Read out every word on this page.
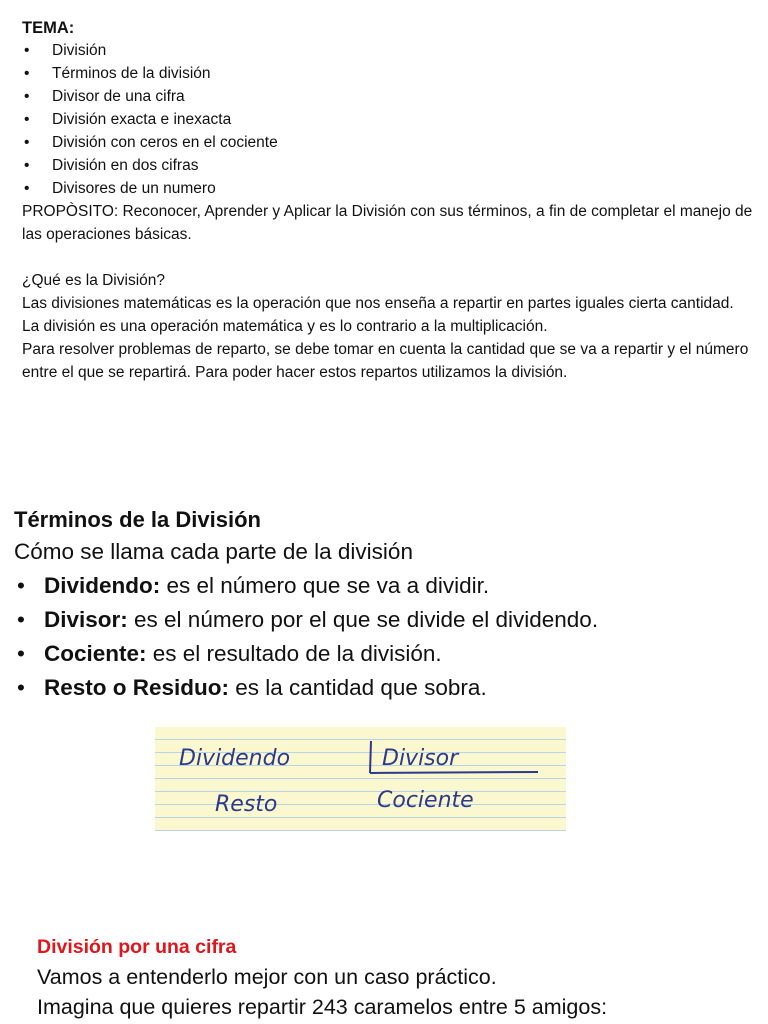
TEMA:
• División
• Términos de la división
• Divisor de una cifra
• División exacta e inexacta
• División con ceros en el cociente
• División en dos cifras
• Divisores de un numero
PROPÒSITO: Reconocer, Aprender y Aplicar la División con sus términos, a fin de completar el manejo de las operaciones básicas.
¿Qué es la División?
Las divisiones matemáticas es la operación que nos enseña a repartir en partes iguales cierta cantidad.
La división es una operación matemática y es lo contrario a la multiplicación.
Para resolver problemas de reparto, se debe tomar en cuenta la cantidad que se va a repartir y el número entre el que se repartirá. Para poder hacer estos repartos utilizamos la división.
Términos de la División
Cómo se llama cada parte de la división
• Dividendo: es el número que se va a dividir.
• Divisor: es el número por el que se divide el dividendo.
• Cociente: es el resultado de la división.
• Resto o Residuo: es la cantidad que sobra.
Dividendo	Divisor
Resto	Cociente
División por una cifra
Vamos a entenderlo mejor con un caso práctico.
Imagina que quieres repartir 243 caramelos entre 5 amigos:
